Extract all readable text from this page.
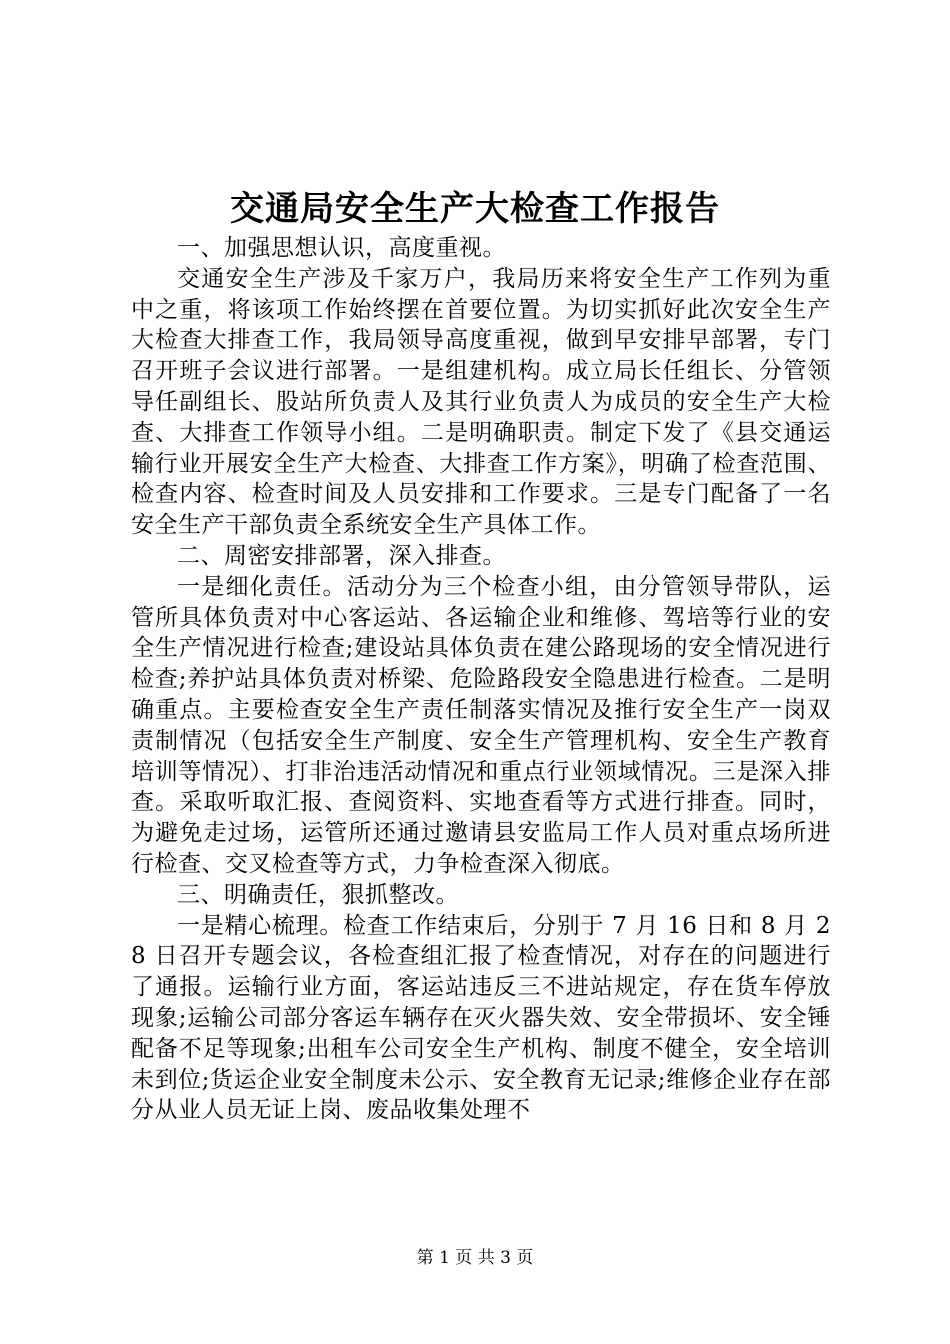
交通局安全生产大检查工作报告

一、加强思想认识，高度重视。

交通安全生产涉及千家万户，我局历来将安全生产工作列为重中之重，将该项工作始终摆在首要位置。为切实抓好此次安全生产大检查大排查工作，我局领导高度重视，做到早安排早部署，专门召开班子会议进行部署。一是组建机构。成立局长任组长、分管领导任副组长、股站所负责人及其行业负责人为成员的安全生产大检查、大排查工作领导小组。二是明确职责。制定下发了《县交通运输行业开展安全生产大检查、大排查工作方案》，明确了检查范围、检查内容、检查时间及人员安排和工作要求。三是专门配备了一名安全生产干部负责全系统安全生产具体工作。

二、周密安排部署，深入排查。

一是细化责任。活动分为三个检查小组，由分管领导带队，运管所具体负责对中心客运站、各运输企业和维修、驾培等行业的安全生产情况进行检查;建设站具体负责在建公路现场的安全情况进行检查;养护站具体负责对桥梁、危险路段安全隐患进行检查。二是明确重点。主要检查安全生产责任制落实情况及推行安全生产一岗双责制情况（包括安全生产制度、安全生产管理机构、安全生产教育培训等情况）、打非治违活动情况和重点行业领域情况。三是深入排查。采取听取汇报、查阅资料、实地查看等方式进行排查。同时，为避免走过场，运管所还通过邀请县安监局工作人员对重点场所进行检查、交叉检查等方式，力争检查深入彻底。

三、明确责任，狠抓整改。

一是精心梳理。检查工作结束后，分别于 7 月 16 日和 8 月 28 日召开专题会议，各检查组汇报了检查情况，对存在的问题进行了通报。运输行业方面，客运站违反三不进站规定，存在货车停放现象;运输公司部分客运车辆存在灭火器失效、安全带损坏、安全锤配备不足等现象;出租车公司安全生产机构、制度不健全，安全培训未到位;货运企业安全制度未公示、安全教育无记录;维修企业存在部分从业人员无证上岗、废品收集处理不

第 1 页 共 3 页
